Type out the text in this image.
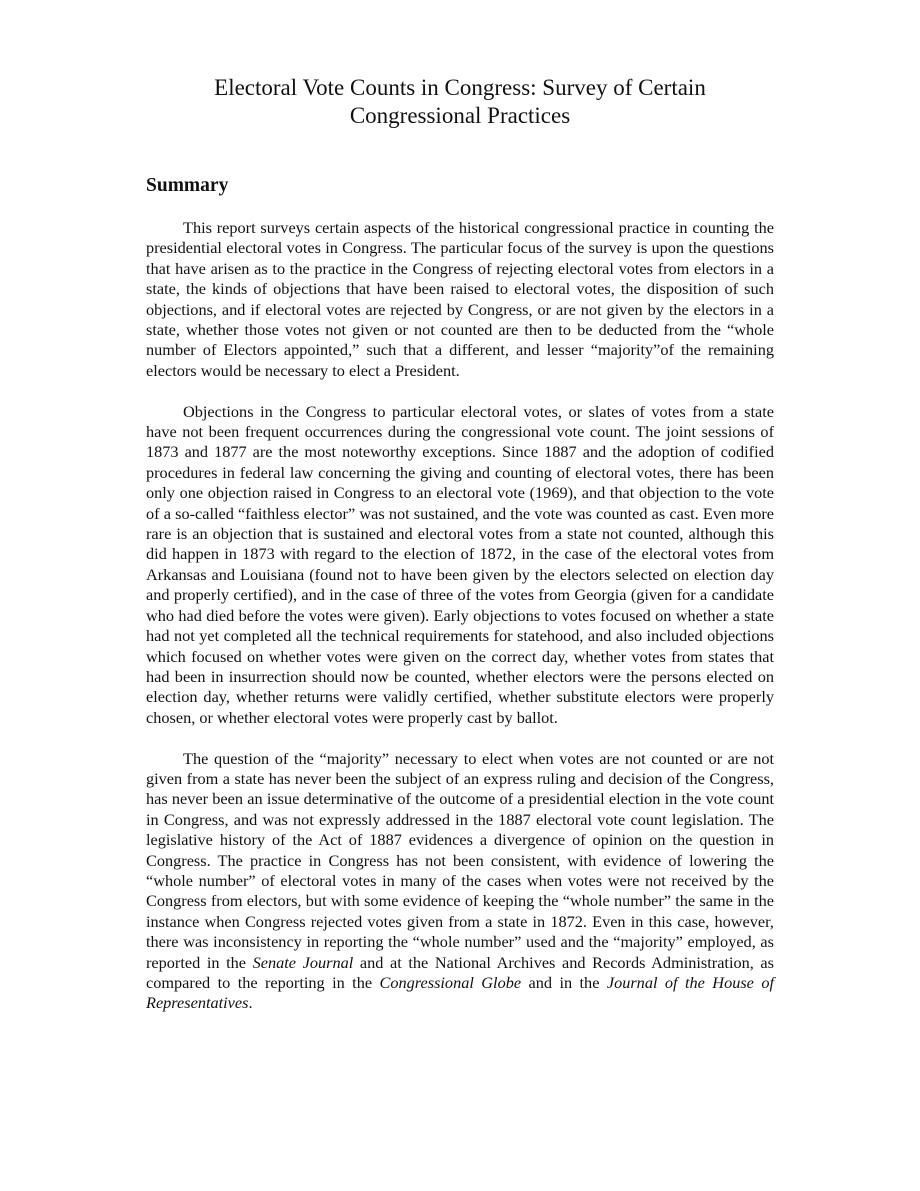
Electoral Vote Counts in Congress: Survey of Certain
Congressional Practices
Summary

This report surveys certain aspects of the historical congressional practice in counting the presidential electoral votes in Congress. The particular focus of the survey is upon the questions that have arisen as to the practice in the Congress of rejecting electoral votes from electors in a state, the kinds of objections that have been raised to electoral votes, the disposition of such objections, and if electoral votes are rejected by Congress, or are not given by the electors in a state, whether those votes not given or not counted are then to be deducted from the “whole number of Electors appointed,” such that a different, and lesser “majority”of the remaining electors would be necessary to elect a President.

Objections in the Congress to particular electoral votes, or slates of votes from a state have not been frequent occurrences during the congressional vote count. The joint sessions of 1873 and 1877 are the most noteworthy exceptions. Since 1887 and the adoption of codified procedures in federal law concerning the giving and counting of electoral votes, there has been only one objection raised in Congress to an electoral vote (1969), and that objection to the vote of a so-called “faithless elector” was not sustained, and the vote was counted as cast. Even more rare is an objection that is sustained and electoral votes from a state not counted, although this did happen in 1873 with regard to the election of 1872, in the case of the electoral votes from Arkansas and Louisiana (found not to have been given by the electors selected on election day and properly certified), and in the case of three of the votes from Georgia (given for a candidate who had died before the votes were given). Early objections to votes focused on whether a state had not yet completed all the technical requirements for statehood, and also included objections which focused on whether votes were given on the correct day, whether votes from states that had been in insurrection should now be counted, whether electors were the persons elected on election day, whether returns were validly certified, whether substitute electors were properly chosen, or whether electoral votes were properly cast by ballot.

The question of the “majority” necessary to elect when votes are not counted or are not given from a state has never been the subject of an express ruling and decision of the Congress, has never been an issue determinative of the outcome of a presidential election in the vote count in Congress, and was not expressly addressed in the 1887 electoral vote count legislation. The legislative history of the Act of 1887 evidences a divergence of opinion on the question in Congress. The practice in Congress has not been consistent, with evidence of lowering the “whole number” of electoral votes in many of the cases when votes were not received by the Congress from electors, but with some evidence of keeping the “whole number” the same in the instance when Congress rejected votes given from a state in 1872. Even in this case, however, there was inconsistency in reporting the “whole number” used and the “majority” employed, as reported in the Senate Journal and at the National Archives and Records Administration, as compared to the reporting in the Congressional Globe and in the Journal of the House of Representatives.
